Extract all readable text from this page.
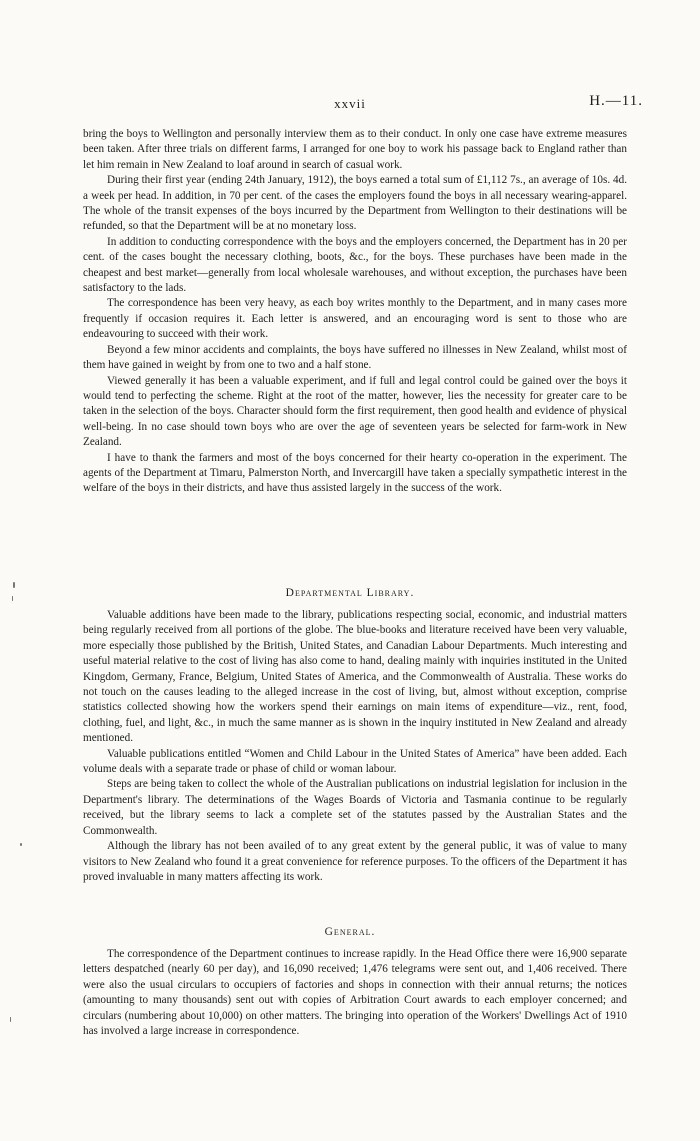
xxvii	H.—11.

bring the boys to Wellington and personally interview them as to their conduct. In only one case have extreme measures been taken. After three trials on different farms, I arranged for one boy to work his passage back to England rather than let him remain in New Zealand to loaf around in search of casual work.

During their first year (ending 24th January, 1912), the boys earned a total sum of £1,112 7s., an average of 10s. 4d. a week per head. In addition, in 70 per cent. of the cases the employers found the boys in all necessary wearing-apparel. The whole of the transit expenses of the boys incurred by the Department from Wellington to their destinations will be refunded, so that the Department will be at no monetary loss.

In addition to conducting correspondence with the boys and the employers concerned, the Department has in 20 per cent. of the cases bought the necessary clothing, boots, &c., for the boys. These purchases have been made in the cheapest and best market—generally from local wholesale warehouses, and without exception, the purchases have been satisfactory to the lads.

The correspondence has been very heavy, as each boy writes monthly to the Department, and in many cases more frequently if occasion requires it. Each letter is answered, and an encouraging word is sent to those who are endeavouring to succeed with their work.

Beyond a few minor accidents and complaints, the boys have suffered no illnesses in New Zealand, whilst most of them have gained in weight by from one to two and a half stone.

Viewed generally it has been a valuable experiment, and if full and legal control could be gained over the boys it would tend to perfecting the scheme. Right at the root of the matter, however, lies the necessity for greater care to be taken in the selection of the boys. Character should form the first requirement, then good health and evidence of physical well-being. In no case should town boys who are over the age of seventeen years be selected for farm-work in New Zealand.

I have to thank the farmers and most of the boys concerned for their hearty co-operation in the experiment. The agents of the Department at Timaru, Palmerston North, and Invercargill have taken a specially sympathetic interest in the welfare of the boys in their districts, and have thus assisted largely in the success of the work.

Departmental Library.

Valuable additions have been made to the library, publications respecting social, economic, and industrial matters being regularly received from all portions of the globe. The blue-books and literature received have been very valuable, more especially those published by the British, United States, and Canadian Labour Departments. Much interesting and useful material relative to the cost of living has also come to hand, dealing mainly with inquiries instituted in the United Kingdom, Germany, France, Belgium, United States of America, and the Commonwealth of Australia. These works do not touch on the causes leading to the alleged increase in the cost of living, but, almost without exception, comprise statistics collected showing how the workers spend their earnings on main items of expenditure—viz., rent, food, clothing, fuel, and light, &c., in much the same manner as is shown in the inquiry instituted in New Zealand and already mentioned.

Valuable publications entitled “Women and Child Labour in the United States of America” have been added. Each volume deals with a separate trade or phase of child or woman labour.

Steps are being taken to collect the whole of the Australian publications on industrial legislation for inclusion in the Department's library. The determinations of the Wages Boards of Victoria and Tasmania continue to be regularly received, but the library seems to lack a complete set of the statutes passed by the Australian States and the Commonwealth.

Although the library has not been availed of to any great extent by the general public, it was of value to many visitors to New Zealand who found it a great convenience for reference purposes. To the officers of the Department it has proved invaluable in many matters affecting its work.

General.

The correspondence of the Department continues to increase rapidly. In the Head Office there were 16,900 separate letters despatched (nearly 60 per day), and 16,090 received; 1,476 telegrams were sent out, and 1,406 received. There were also the usual circulars to occupiers of factories and shops in connection with their annual returns; the notices (amounting to many thousands) sent out with copies of Arbitration Court awards to each employer concerned; and circulars (numbering about 10,000) on other matters. The bringing into operation of the Workers' Dwellings Act of 1910 has involved a large increase in correspondence.
